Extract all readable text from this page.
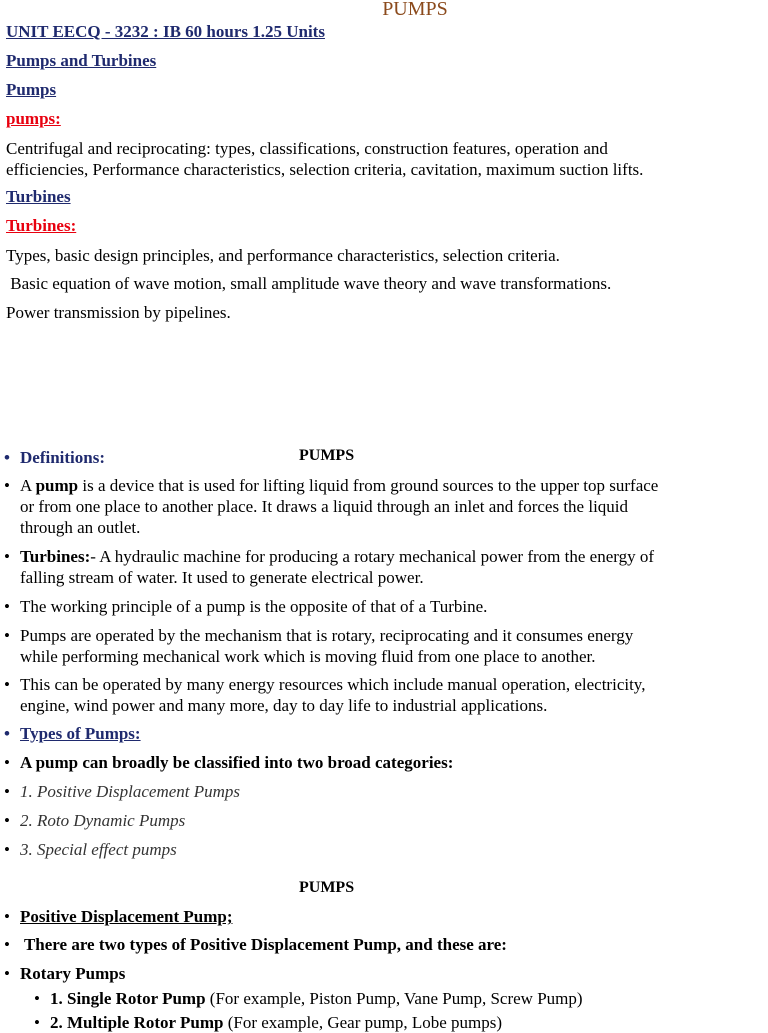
PUMPS
UNIT EECQ - 3232 : IB 60 hours 1.25 Units
Pumps and Turbines
Pumps
pumps:
Centrifugal and reciprocating: types, classifications, construction features, operation and
efficiencies, Performance characteristics, selection criteria, cavitation, maximum suction lifts.
Turbines
Turbines:
Types, basic design principles, and performance characteristics, selection criteria.
Basic equation of wave motion, small amplitude wave theory and wave transformations.
Power transmission by pipelines.
PUMPS
• Definitions:
• A pump is a device that is used for lifting liquid from ground sources to the upper top surface
or from one place to another place. It draws a liquid through an inlet and forces the liquid
through an outlet.
• Turbines:- A hydraulic machine for producing a rotary mechanical power from the energy of
falling stream of water. It used to generate electrical power.
• The working principle of a pump is the opposite of that of a Turbine.
• Pumps are operated by the mechanism that is rotary, reciprocating and it consumes energy
while performing mechanical work which is moving fluid from one place to another.
• This can be operated by many energy resources which include manual operation, electricity,
engine, wind power and many more, day to day life to industrial applications.
• Types of Pumps:
• A pump can broadly be classified into two broad categories:
• 1. Positive Displacement Pumps
• 2. Roto Dynamic Pumps
• 3. Special effect pumps
PUMPS
• Positive Displacement Pump;
• There are two types of Positive Displacement Pump, and these are:
• Rotary Pumps
• 1. Single Rotor Pump (For example, Piston Pump, Vane Pump, Screw Pump)
• 2. Multiple Rotor Pump (For example, Gear pump, Lobe pumps)
